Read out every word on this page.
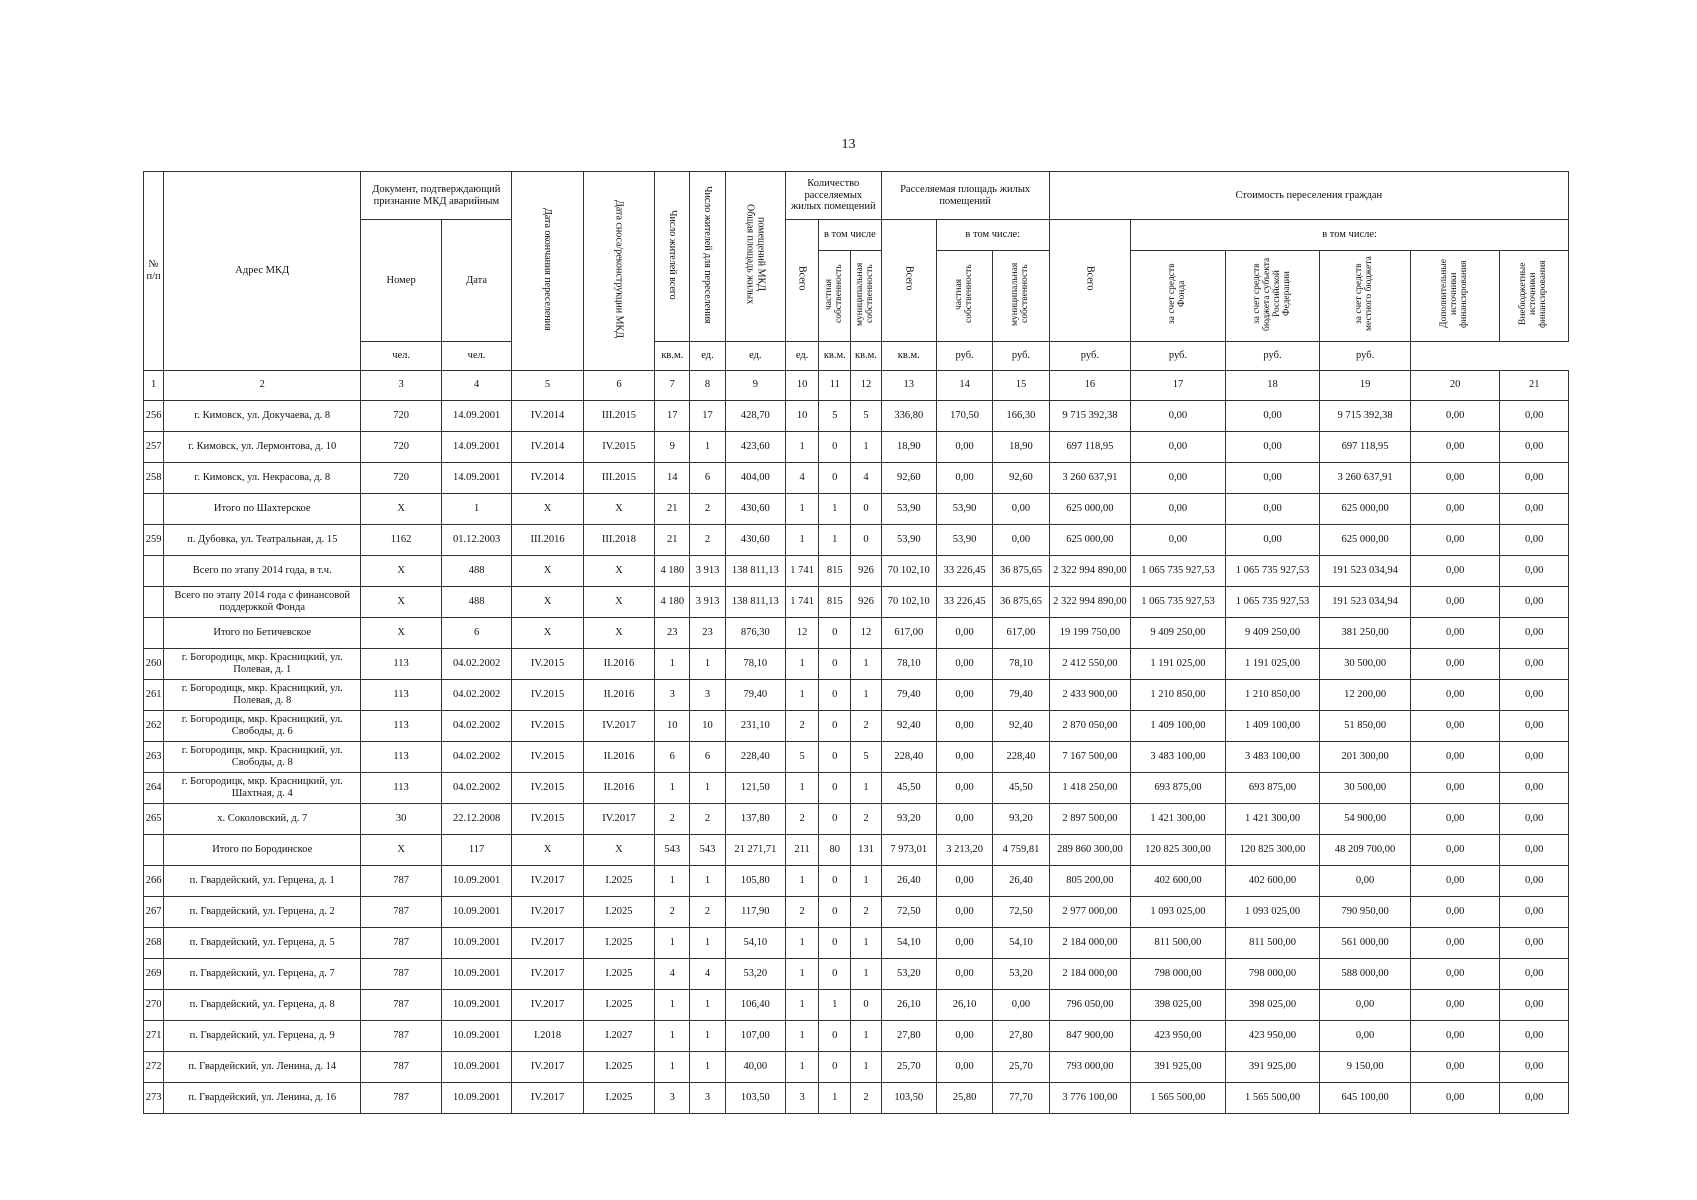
13
№ п/п	Адрес МКД	Документ, подтверждающий признание МКД аварийным		Дата окончания переселения	Дата сноса/реконструкции МКД	Число жителей всего	Число жителей для переселения	Общая площадь жилых помещений МКД	Количество расселяемых жилых помещений			Расселяемая площадь жилых помещений			Стоимость переселения граждан					
		Номер	Дата						Всего	в том числе		Всего	в том числе:		Всего	в том числе:				
										частная собственность	муниципальная собственность		частная собственность	муниципальная собственность		за счет средств Фонда	за счет средств бюджета субъекта Российской Федерации	за счет средств местного бюджета	Дополнительные источники финансирования	Внебюджетные источники финансирования
		чел.	чел.			кв.м.	ед.	ед.	ед.	кв.м.	кв.м.	кв.м.	руб.	руб.	руб.	руб.	руб.	руб.		
1	2	3	4	5	6	7	8	9	10	11	12	13	14	15	16	17	18	19	20	21
256	г. Кимовск, ул. Докучаева, д. 8	720	14.09.2001	IV.2014	III.2015	17	17	428,70	10	5	5	336,80	170,50	166,30	9 715 392,38	0,00	0,00	9 715 392,38	0,00	0,00
257	г. Кимовск, ул. Лермонтова, д. 10	720	14.09.2001	IV.2014	IV.2015	9	1	423,60	1	0	1	18,90	0,00	18,90	697 118,95	0,00	0,00	697 118,95	0,00	0,00
258	г. Кимовск, ул. Некрасова, д. 8	720	14.09.2001	IV.2014	III.2015	14	6	404,00	4	0	4	92,60	0,00	92,60	3 260 637,91	0,00	0,00	3 260 637,91	0,00	0,00
	Итого по Шахтерское	X	1	X	X	21	2	430,60	1	1	0	53,90	53,90	0,00	625 000,00	0,00	0,00	625 000,00	0,00	0,00
259	п. Дубовка, ул. Театральная, д. 15	1162	01.12.2003	III.2016	III.2018	21	2	430,60	1	1	0	53,90	53,90	0,00	625 000,00	0,00	0,00	625 000,00	0,00	0,00
	Всего по этапу 2014 года, в т.ч.	X	488	X	X	4 180	3 913	138 811,13	1 741	815	926	70 102,10	33 226,45	36 875,65	2 322 994 890,00	1 065 735 927,53	1 065 735 927,53	191 523 034,94	0,00	0,00
	Всего по этапу 2014 года с финансовой поддержкой Фонда	X	488	X	X	4 180	3 913	138 811,13	1 741	815	926	70 102,10	33 226,45	36 875,65	2 322 994 890,00	1 065 735 927,53	1 065 735 927,53	191 523 034,94	0,00	0,00
	Итого по Бетичевское	X	6	X	X	23	23	876,30	12	0	12	617,00	0,00	617,00	19 199 750,00	9 409 250,00	9 409 250,00	381 250,00	0,00	0,00
260	г. Богородицк, мкр. Красницкий, ул. Полевая, д. 1	113	04.02.2002	IV.2015	II.2016	1	1	78,10	1	0	1	78,10	0,00	78,10	2 412 550,00	1 191 025,00	1 191 025,00	30 500,00	0,00	0,00
261	г. Богородицк, мкр. Красницкий, ул. Полевая, д. 8	113	04.02.2002	IV.2015	II.2016	3	3	79,40	1	0	1	79,40	0,00	79,40	2 433 900,00	1 210 850,00	1 210 850,00	12 200,00	0,00	0,00
262	г. Богородицк, мкр. Красницкий, ул. Свободы, д. 6	113	04.02.2002	IV.2015	IV.2017	10	10	231,10	2	0	2	92,40	0,00	92,40	2 870 050,00	1 409 100,00	1 409 100,00	51 850,00	0,00	0,00
263	г. Богородицк, мкр. Красницкий, ул. Свободы, д. 8	113	04.02.2002	IV.2015	II.2016	6	6	228,40	5	0	5	228,40	0,00	228,40	7 167 500,00	3 483 100,00	3 483 100,00	201 300,00	0,00	0,00
264	г. Богородицк, мкр. Красницкий, ул. Шахтная, д. 4	113	04.02.2002	IV.2015	II.2016	1	1	121,50	1	0	1	45,50	0,00	45,50	1 418 250,00	693 875,00	693 875,00	30 500,00	0,00	0,00
265	х. Соколовский, д. 7	30	22.12.2008	IV.2015	IV.2017	2	2	137,80	2	0	2	93,20	0,00	93,20	2 897 500,00	1 421 300,00	1 421 300,00	54 900,00	0,00	0,00
	Итого по Бородинское	X	117	X	X	543	543	21 271,71	211	80	131	7 973,01	3 213,20	4 759,81	289 860 300,00	120 825 300,00	120 825 300,00	48 209 700,00	0,00	0,00
266	п. Гвардейский, ул. Герцена, д. 1	787	10.09.2001	IV.2017	I.2025	1	1	105,80	1	0	1	26,40	0,00	26,40	805 200,00	402 600,00	402 600,00	0,00	0,00	0,00
267	п. Гвардейский, ул. Герцена, д. 2	787	10.09.2001	IV.2017	I.2025	2	2	117,90	2	0	2	72,50	0,00	72,50	2 977 000,00	1 093 025,00	1 093 025,00	790 950,00	0,00	0,00
268	п. Гвардейский, ул. Герцена, д. 5	787	10.09.2001	IV.2017	I.2025	1	1	54,10	1	0	1	54,10	0,00	54,10	2 184 000,00	811 500,00	811 500,00	561 000,00	0,00	0,00
269	п. Гвардейский, ул. Герцена, д. 7	787	10.09.2001	IV.2017	I.2025	4	4	53,20	1	0	1	53,20	0,00	53,20	2 184 000,00	798 000,00	798 000,00	588 000,00	0,00	0,00
270	п. Гвардейский, ул. Герцена, д. 8	787	10.09.2001	IV.2017	I.2025	1	1	106,40	1	1	0	26,10	26,10	0,00	796 050,00	398 025,00	398 025,00	0,00	0,00	0,00
271	п. Гвардейский, ул. Герцена, д. 9	787	10.09.2001	I.2018	I.2027	1	1	107,00	1	0	1	27,80	0,00	27,80	847 900,00	423 950,00	423 950,00	0,00	0,00	0,00
272	п. Гвардейский, ул. Ленина, д. 14	787	10.09.2001	IV.2017	I.2025	1	1	40,00	1	0	1	25,70	0,00	25,70	793 000,00	391 925,00	391 925,00	9 150,00	0,00	0,00
273	п. Гвардейский, ул. Ленина, д. 16	787	10.09.2001	IV.2017	I.2025	3	3	103,50	3	1	2	103,50	25,80	77,70	3 776 100,00	1 565 500,00	1 565 500,00	645 100,00	0,00	0,00
